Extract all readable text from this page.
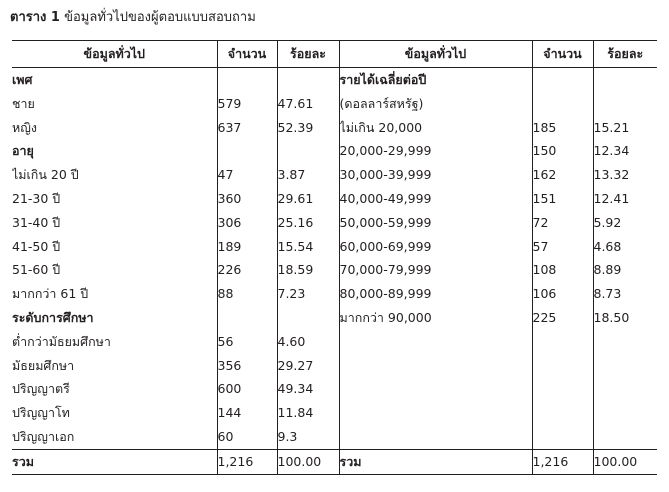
ตาราง 1 ข้อมูลทั่วไปของผู้ตอบแบบสอบถาม
ข้อมูลทั่วไป	จำนวน	ร้อยละ	ข้อมูลทั่วไป	จำนวน	ร้อยละ
เพศ			รายได้เฉลี่ยต่อปี		
ชาย	579	47.61	(ดอลลาร์สหรัฐ)		
หญิง	637	52.39	ไม่เกิน 20,000	185	15.21
อายุ			20,000-29,999	150	12.34
ไม่เกิน 20 ปี	47	3.87	30,000-39,999	162	13.32
21-30 ปี	360	29.61	40,000-49,999	151	12.41
31-40 ปี	306	25.16	50,000-59,999	72	5.92
41-50 ปี	189	15.54	60,000-69,999	57	4.68
51-60 ปี	226	18.59	70,000-79,999	108	8.89
มากกว่า 61 ปี	88	7.23	80,000-89,999	106	8.73
ระดับการศึกษา			มากกว่า 90,000	225	18.50
ต่ำกว่ามัธยมศึกษา	56	4.60			
มัธยมศึกษา	356	29.27			
ปริญญาตรี	600	49.34			
ปริญญาโท	144	11.84			
ปริญญาเอก	60	9.3			
รวม	1,216	100.00	รวม	1,216	100.00
